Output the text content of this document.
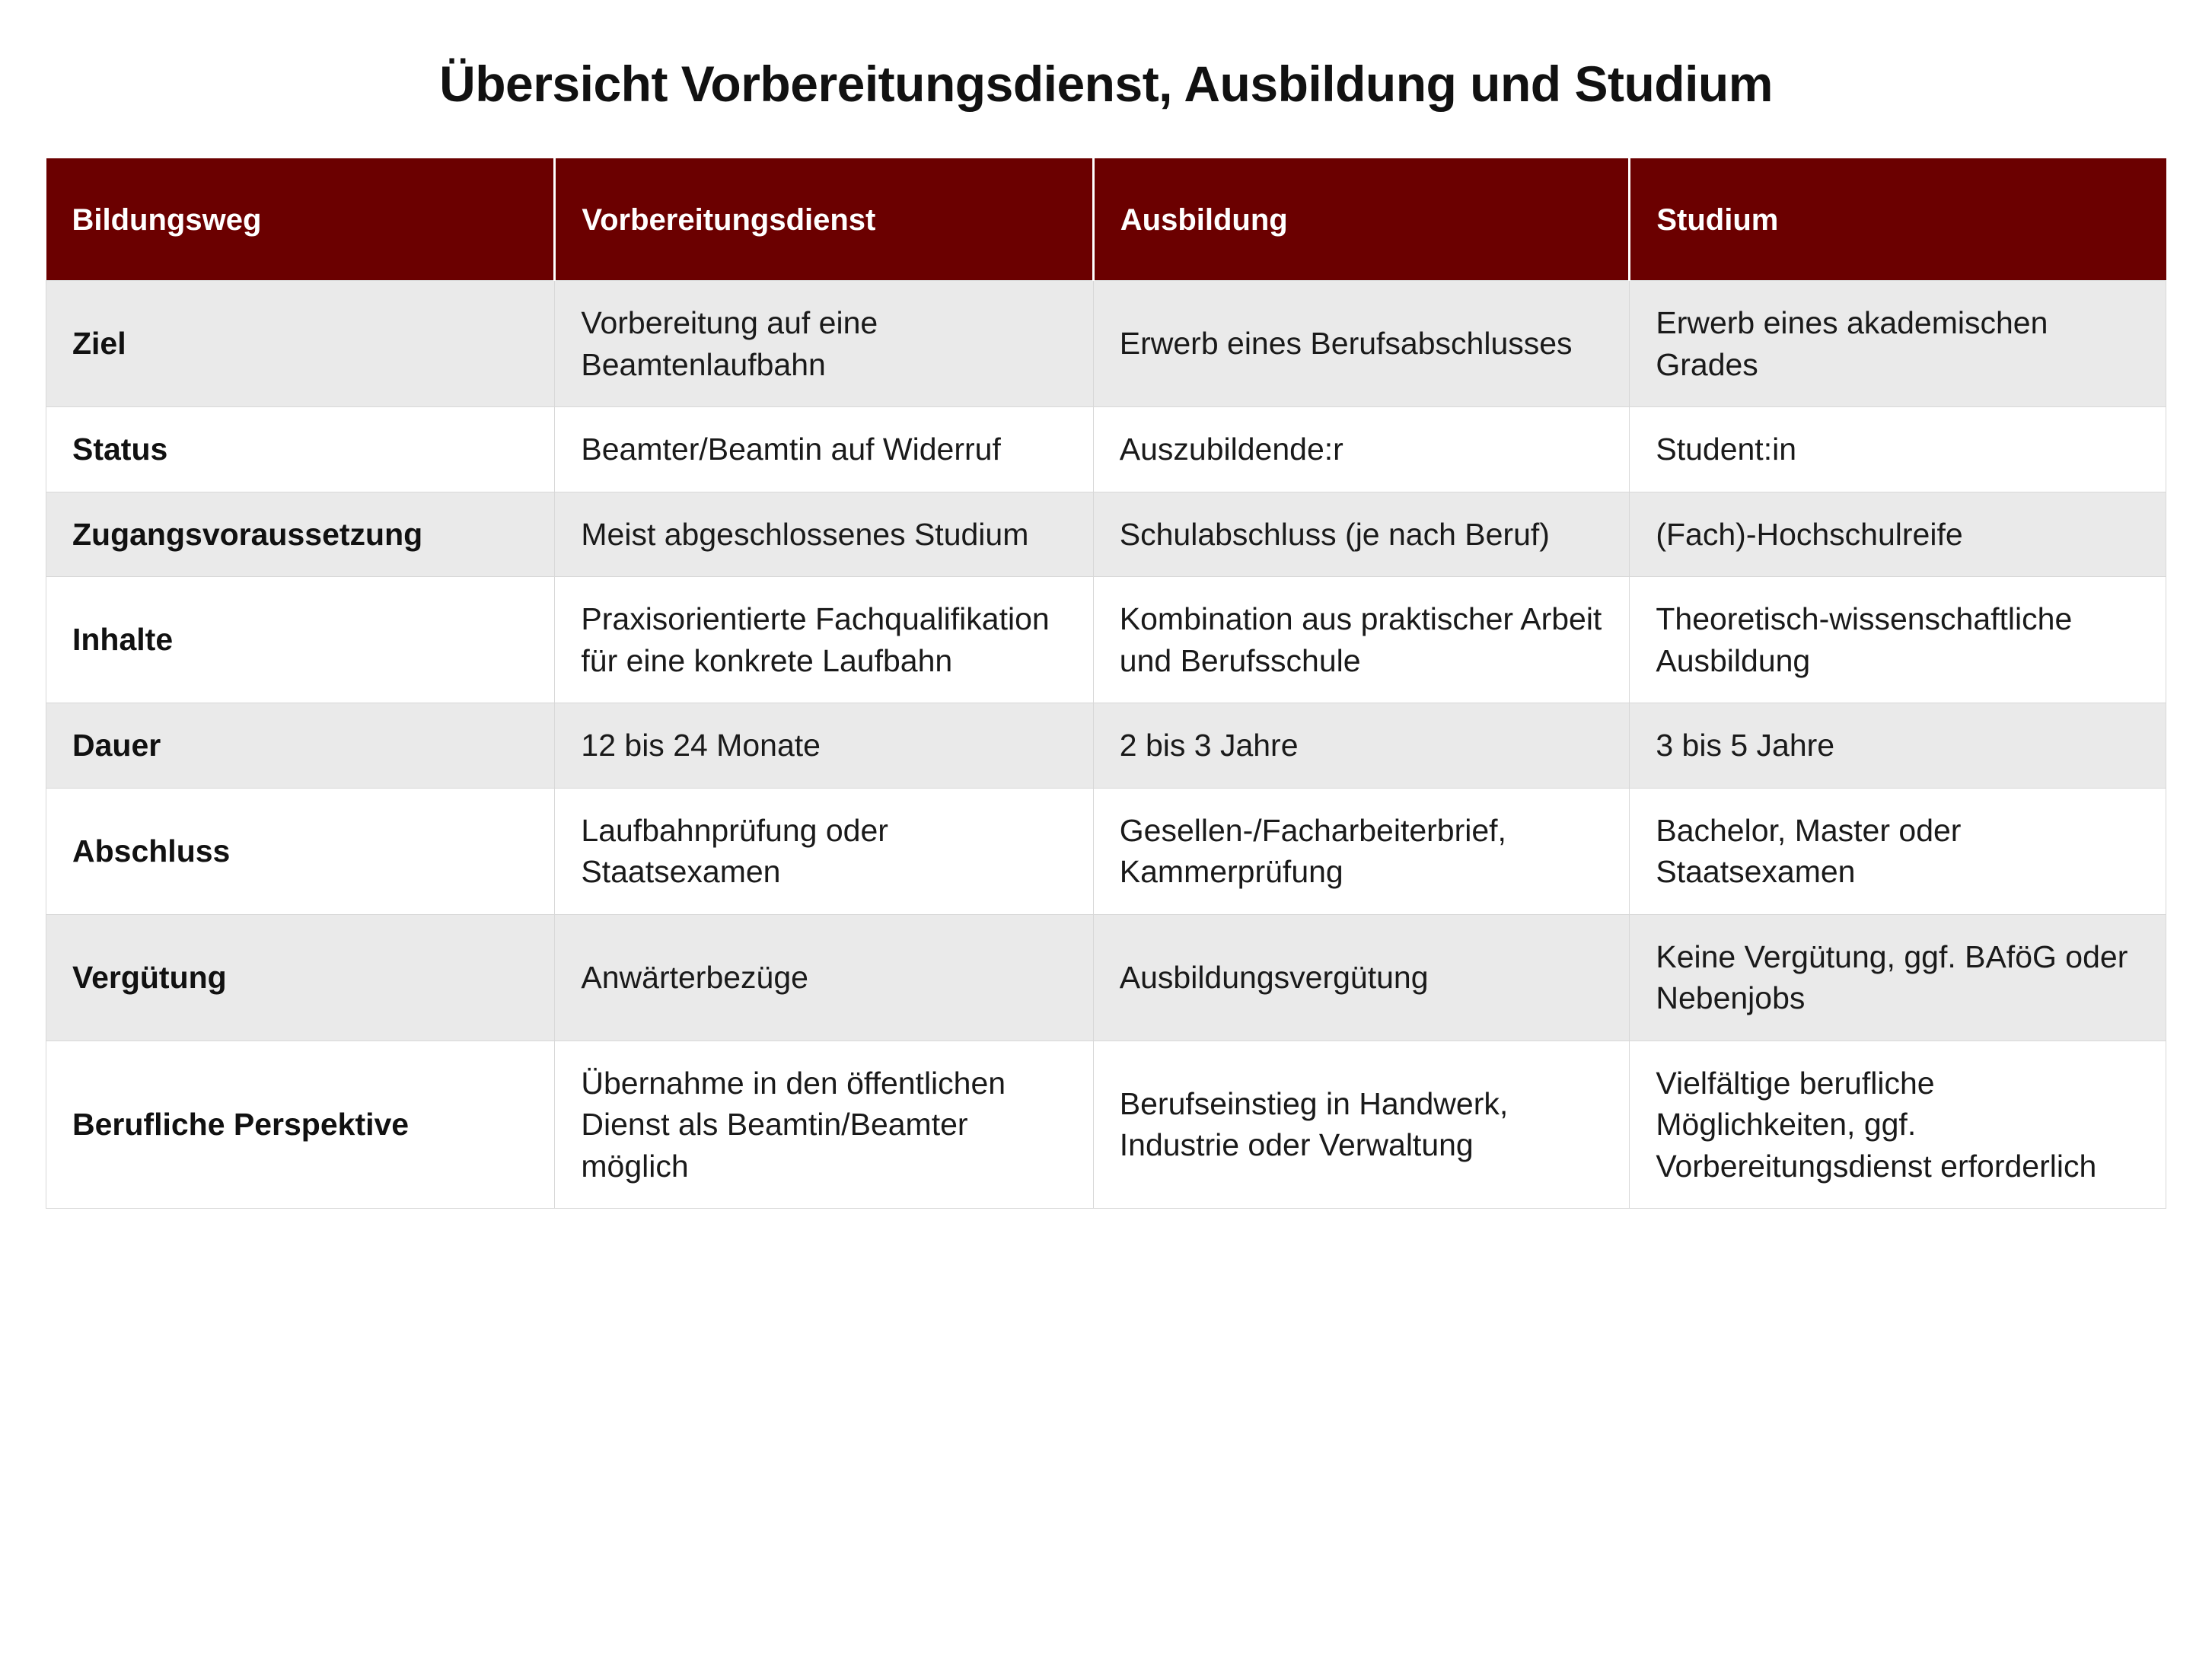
Übersicht Vorbereitungsdienst, Ausbildung und Studium
Bildungsweg	Vorbereitungsdienst	Ausbildung	Studium
Ziel	Vorbereitung auf eine Beamtenlaufbahn	Erwerb eines Berufsabschlusses	Erwerb eines akademischen Grades
Status	Beamter/Beamtin auf Widerruf	Auszubildende:r	Student:in
Zugangsvoraussetzung	Meist abgeschlossenes Studium	Schulabschluss (je nach Beruf)	(Fach)-Hochschulreife
Inhalte	Praxisorientierte Fachqualifikation für eine konkrete Laufbahn	Kombination aus praktischer Arbeit und Berufsschule	Theoretisch-wissenschaftliche Ausbildung
Dauer	12 bis 24 Monate	2 bis 3 Jahre	3 bis 5 Jahre
Abschluss	Laufbahnprüfung oder Staatsexamen	Gesellen-/Facharbeiterbrief, Kammerprüfung	Bachelor, Master oder Staatsexamen
Vergütung	Anwärterbezüge	Ausbildungsvergütung	Keine Vergütung, ggf. BAföG oder Nebenjobs
Berufliche Perspektive	Übernahme in den öffentlichen Dienst als Beamtin/Beamter möglich	Berufseinstieg in Handwerk, Industrie oder Verwaltung	Vielfältige berufliche Möglichkeiten, ggf. Vorbereitungsdienst erforderlich
